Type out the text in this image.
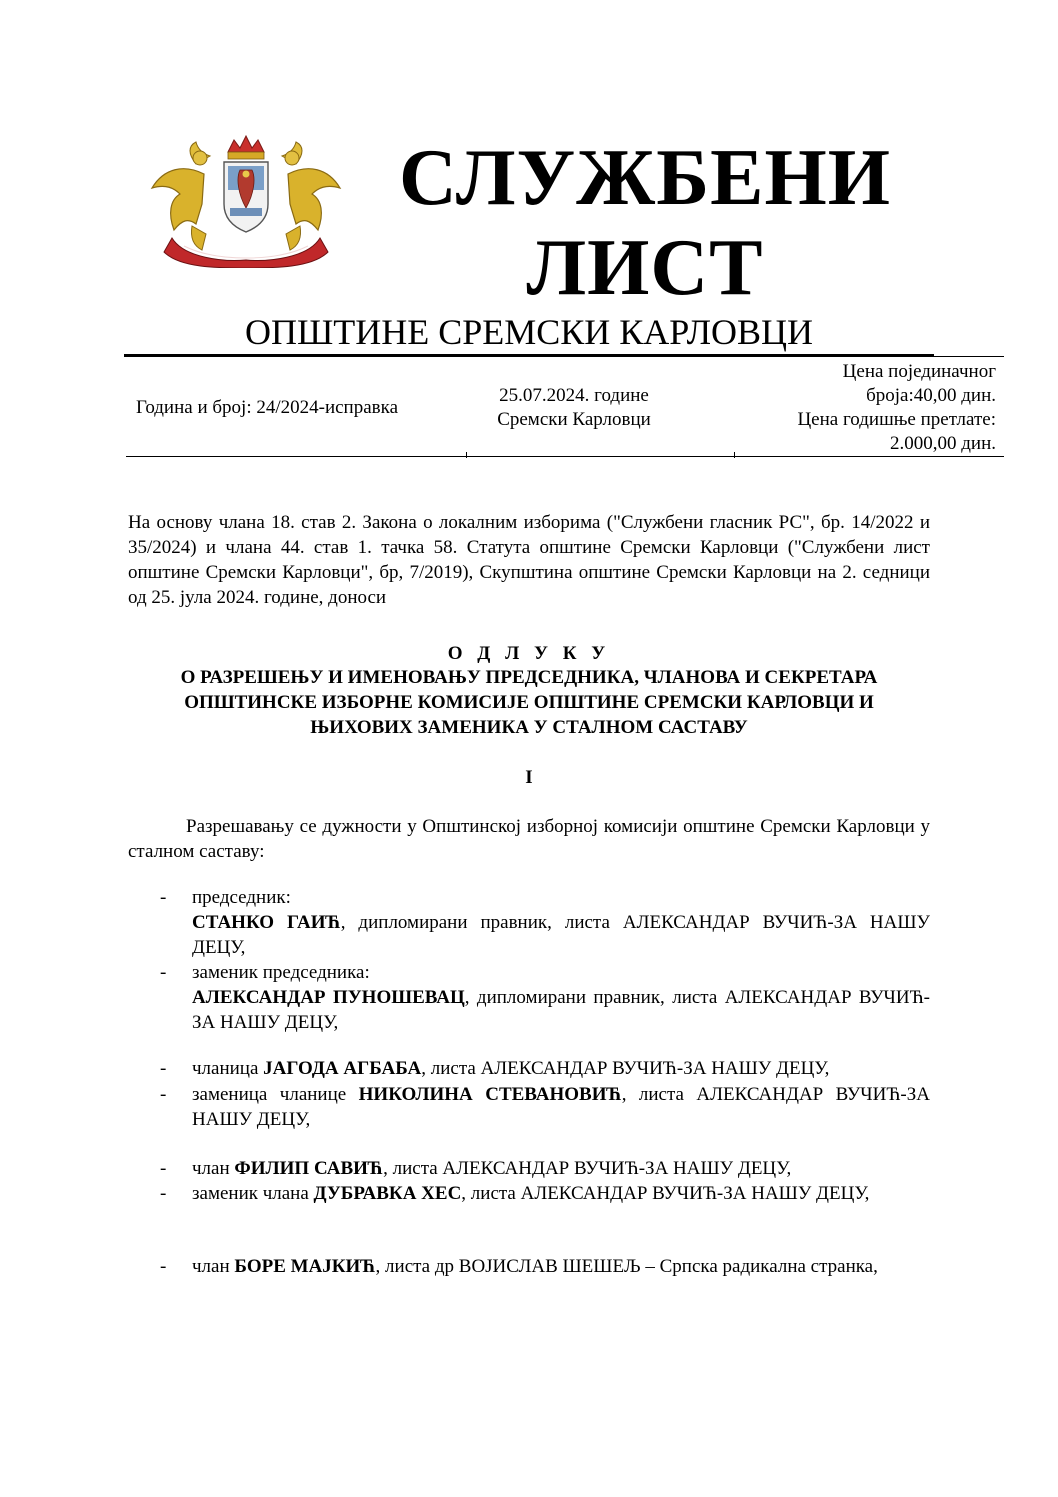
СЛУЖБЕНИ
ЛИСТ
ОПШТИНЕ СРЕМСКИ КАРЛОВЦИ
Година и број: 24/2024-исправка
25.07.2024. године
Сремски Карловци
Цена појединачног
броја:40,00 дин.
Цена годишње претлате:
2.000,00 дин.
На основу члана 18. став 2. Закона о локалним изборима ("Службени гласник РС", бр. 14/2022 и 35/2024) и члана 44. став 1. тачка 58. Статута општине Сремски Карловци ("Службени лист општине Сремски Карловци", бр, 7/2019), Скупштина општине Сремски Карловци на 2. седници од 25. јула 2024. године, доноси
О Д Л У К У
О РАЗРЕШЕЊУ И ИМЕНОВАЊУ ПРЕДСЕДНИКА, ЧЛАНОВА И СЕКРЕТАРА
ОПШТИНСКЕ ИЗБОРНЕ КОМИСИЈЕ ОПШТИНЕ СРЕМСКИ КАРЛОВЦИ И
ЊИХОВИХ ЗАМЕНИКА У СТАЛНОМ САСТАВУ
I
Разрешавању се дужности у Општинској изборној комисији општине Сремски Карловци у сталном саставу:
- председник:
СТАНКО ГАИЋ, дипломирани правник, листа АЛЕКСАНДАР ВУЧИЋ-ЗА НАШУ ДЕЦУ,
- заменик председника:
АЛЕКСАНДАР ПУНОШЕВАЦ, дипломирани правник, листа АЛЕКСАНДАР ВУЧИЋ-ЗА НАШУ ДЕЦУ,
- чланица ЈАГОДА АГБАБА, листа АЛЕКСАНДАР ВУЧИЋ-ЗА НАШУ ДЕЦУ,
- заменица чланице НИКОЛИНА СТЕВАНОВИЋ, листа АЛЕКСАНДАР ВУЧИЋ-ЗА НАШУ ДЕЦУ,
- члан ФИЛИП САВИЋ, листа АЛЕКСАНДАР ВУЧИЋ-ЗА НАШУ ДЕЦУ,
- заменик члана ДУБРАВКА ХЕС, листа АЛЕКСАНДАР ВУЧИЋ-ЗА НАШУ ДЕЦУ,
- члан БОРЕ МАЈКИЋ, листа др ВОЈИСЛАВ ШЕШЕЉ – Српска радикална странка,
